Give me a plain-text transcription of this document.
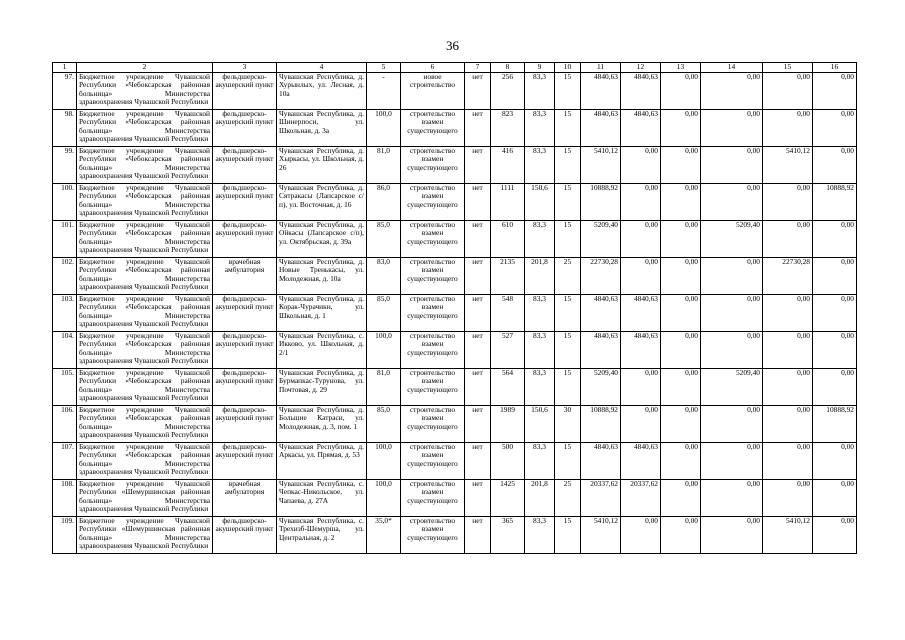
36
1	2	3	4	5	6	7	8	9	10	11	12	13	14	15	16
97.	Бюджетное учреждение Чувашской Республики «Чебоксарская районная больница» Министерства здравоохранения Чувашской Республики	фельдшерско-акушерский пункт	Чувашская Республика, д. Хурынлых, ул. Лесная, д. 10а	-	новое строительство	нет	256	83,3	15	4840,63	4840,63	0,00	0,00	0,00	0,00
98.	Бюджетное учреждение Чувашской Республики «Чебоксарская районная больница» Министерства здравоохранения Чувашской Республики	фельдшерско-акушерский пункт	Чувашская Республика, д. Шинерпоси, ул. Школьная, д. 3а	100,0	строительство взамен существующего	нет	823	83,3	15	4840,63	4840,63	0,00	0,00	0,00	0,00
99.	Бюджетное учреждение Чувашской Республики «Чебоксарская районная больница» Министерства здравоохранения Чувашской Республики	фельдшерско-акушерский пункт	Чувашская Республика, д. Хыркасы, ул. Школьная, д. 26	81,0	строительство взамен существующего	нет	416	83,3	15	5410,12	0,00	0,00	0,00	5410,12	0,00
100.	Бюджетное учреждение Чувашской Республики «Чебоксарская районная больница» Министерства здравоохранения Чувашской Республики	фельдшерско-акушерский пункт	Чувашская Республика, д. Сятракасы (Лапсарское с/п), ул. Восточная, д. 16	86,0	строительство взамен существующего	нет	1111	150,6	15	10888,92	0,00	0,00	0,00	0,00	10888,92
101.	Бюджетное учреждение Чувашской Республики «Чебоксарская районная больница» Министерства здравоохранения Чувашской Республики	фельдшерско-акушерский пункт	Чувашская Республика, д. Ойкасы (Лапсарское с/п), ул. Октябрьская, д. 39а	85,0	строительство взамен существующего	нет	610	83,3	15	5209,40	0,00	0,00	5209,40	0,00	0,00
102.	Бюджетное учреждение Чувашской Республики «Чебоксарская районная больница» Министерства здравоохранения Чувашской Республики	врачебная амбулатория	Чувашская Республика, д. Новые Тренькасы, ул. Молодежная, д. 10а	83,0	строительство взамен существующего	нет	2135	201,8	25	22730,28	0,00	0,00	0,00	22730,28	0,00
103.	Бюджетное учреждение Чувашской Республики «Чебоксарская районная больница» Министерства здравоохранения Чувашской Республики	фельдшерско-акушерский пункт	Чувашская Республика, д. Корак-Чурачики, ул. Школьная, д. 1	85,0	строительство взамен существующего	нет	548	83,3	15	4840,63	4840,63	0,00	0,00	0,00	0,00
104.	Бюджетное учреждение Чувашской Республики «Чебоксарская районная больница» Министерства здравоохранения Чувашской Республики	фельдшерско-акушерский пункт	Чувашская Республика, с. Икково, ул. Школьная, д. 2/1	100,0	строительство взамен существующего	нет	527	83,3	15	4840,63	4840,63	0,00	0,00	0,00	0,00
105.	Бюджетное учреждение Чувашской Республики «Чебоксарская районная больница» Министерства здравоохранения Чувашской Республики	фельдшерско-акушерский пункт	Чувашская Республика, д. Бурмапкас-Турунова, ул. Почтовая, д. 29	81,0	строительство взамен существующего	нет	564	83,3	15	5209,40	0,00	0,00	5209,40	0,00	0,00
106.	Бюджетное учреждение Чувашской Республики «Чебоксарская районная больница» Министерства здравоохранения Чувашской Республики	фельдшерско-акушерский пункт	Чувашская Республика, д. Большие Катраси, ул. Молодежная, д. 3, пом. 1	85,0	строительство взамен существующего	нет	1989	150,6	30	10888,92	0,00	0,00	0,00	0,00	10888,92
107.	Бюджетное учреждение Чувашской Республики «Чебоксарская районная больница» Министерства здравоохранения Чувашской Республики	фельдшерско-акушерский пункт	Чувашская Республика, д. Аркасы, ул. Прямая, д. 53	100,0	строительство взамен существующего	нет	500	83,3	15	4840,63	4840,63	0,00	0,00	0,00	0,00
108.	Бюджетное учреждение Чувашской Республики «Шемуршинская районная больница» Министерства здравоохранения Чувашской Республики	врачебная амбулатория	Чувашская Республика, с. Чепкас-Никольское, ул. Чапаева, д. 27А	100,0	строительство взамен существующего	нет	1425	201,8	25	20337,62	20337,62	0,00	0,00	0,00	0,00
109.	Бюджетное учреждение Чувашской Республики «Шемуршинская районная больница» Министерства здравоохранения Чувашской Республики	фельдшерско-акушерский пункт	Чувашская Республика, с. Трехизб-Шемурша, ул. Центральная, д. 2	35,0*	строительство взамен существующего	нет	365	83,3	15	5410,12	0,00	0,00	0,00	5410,12	0,00
